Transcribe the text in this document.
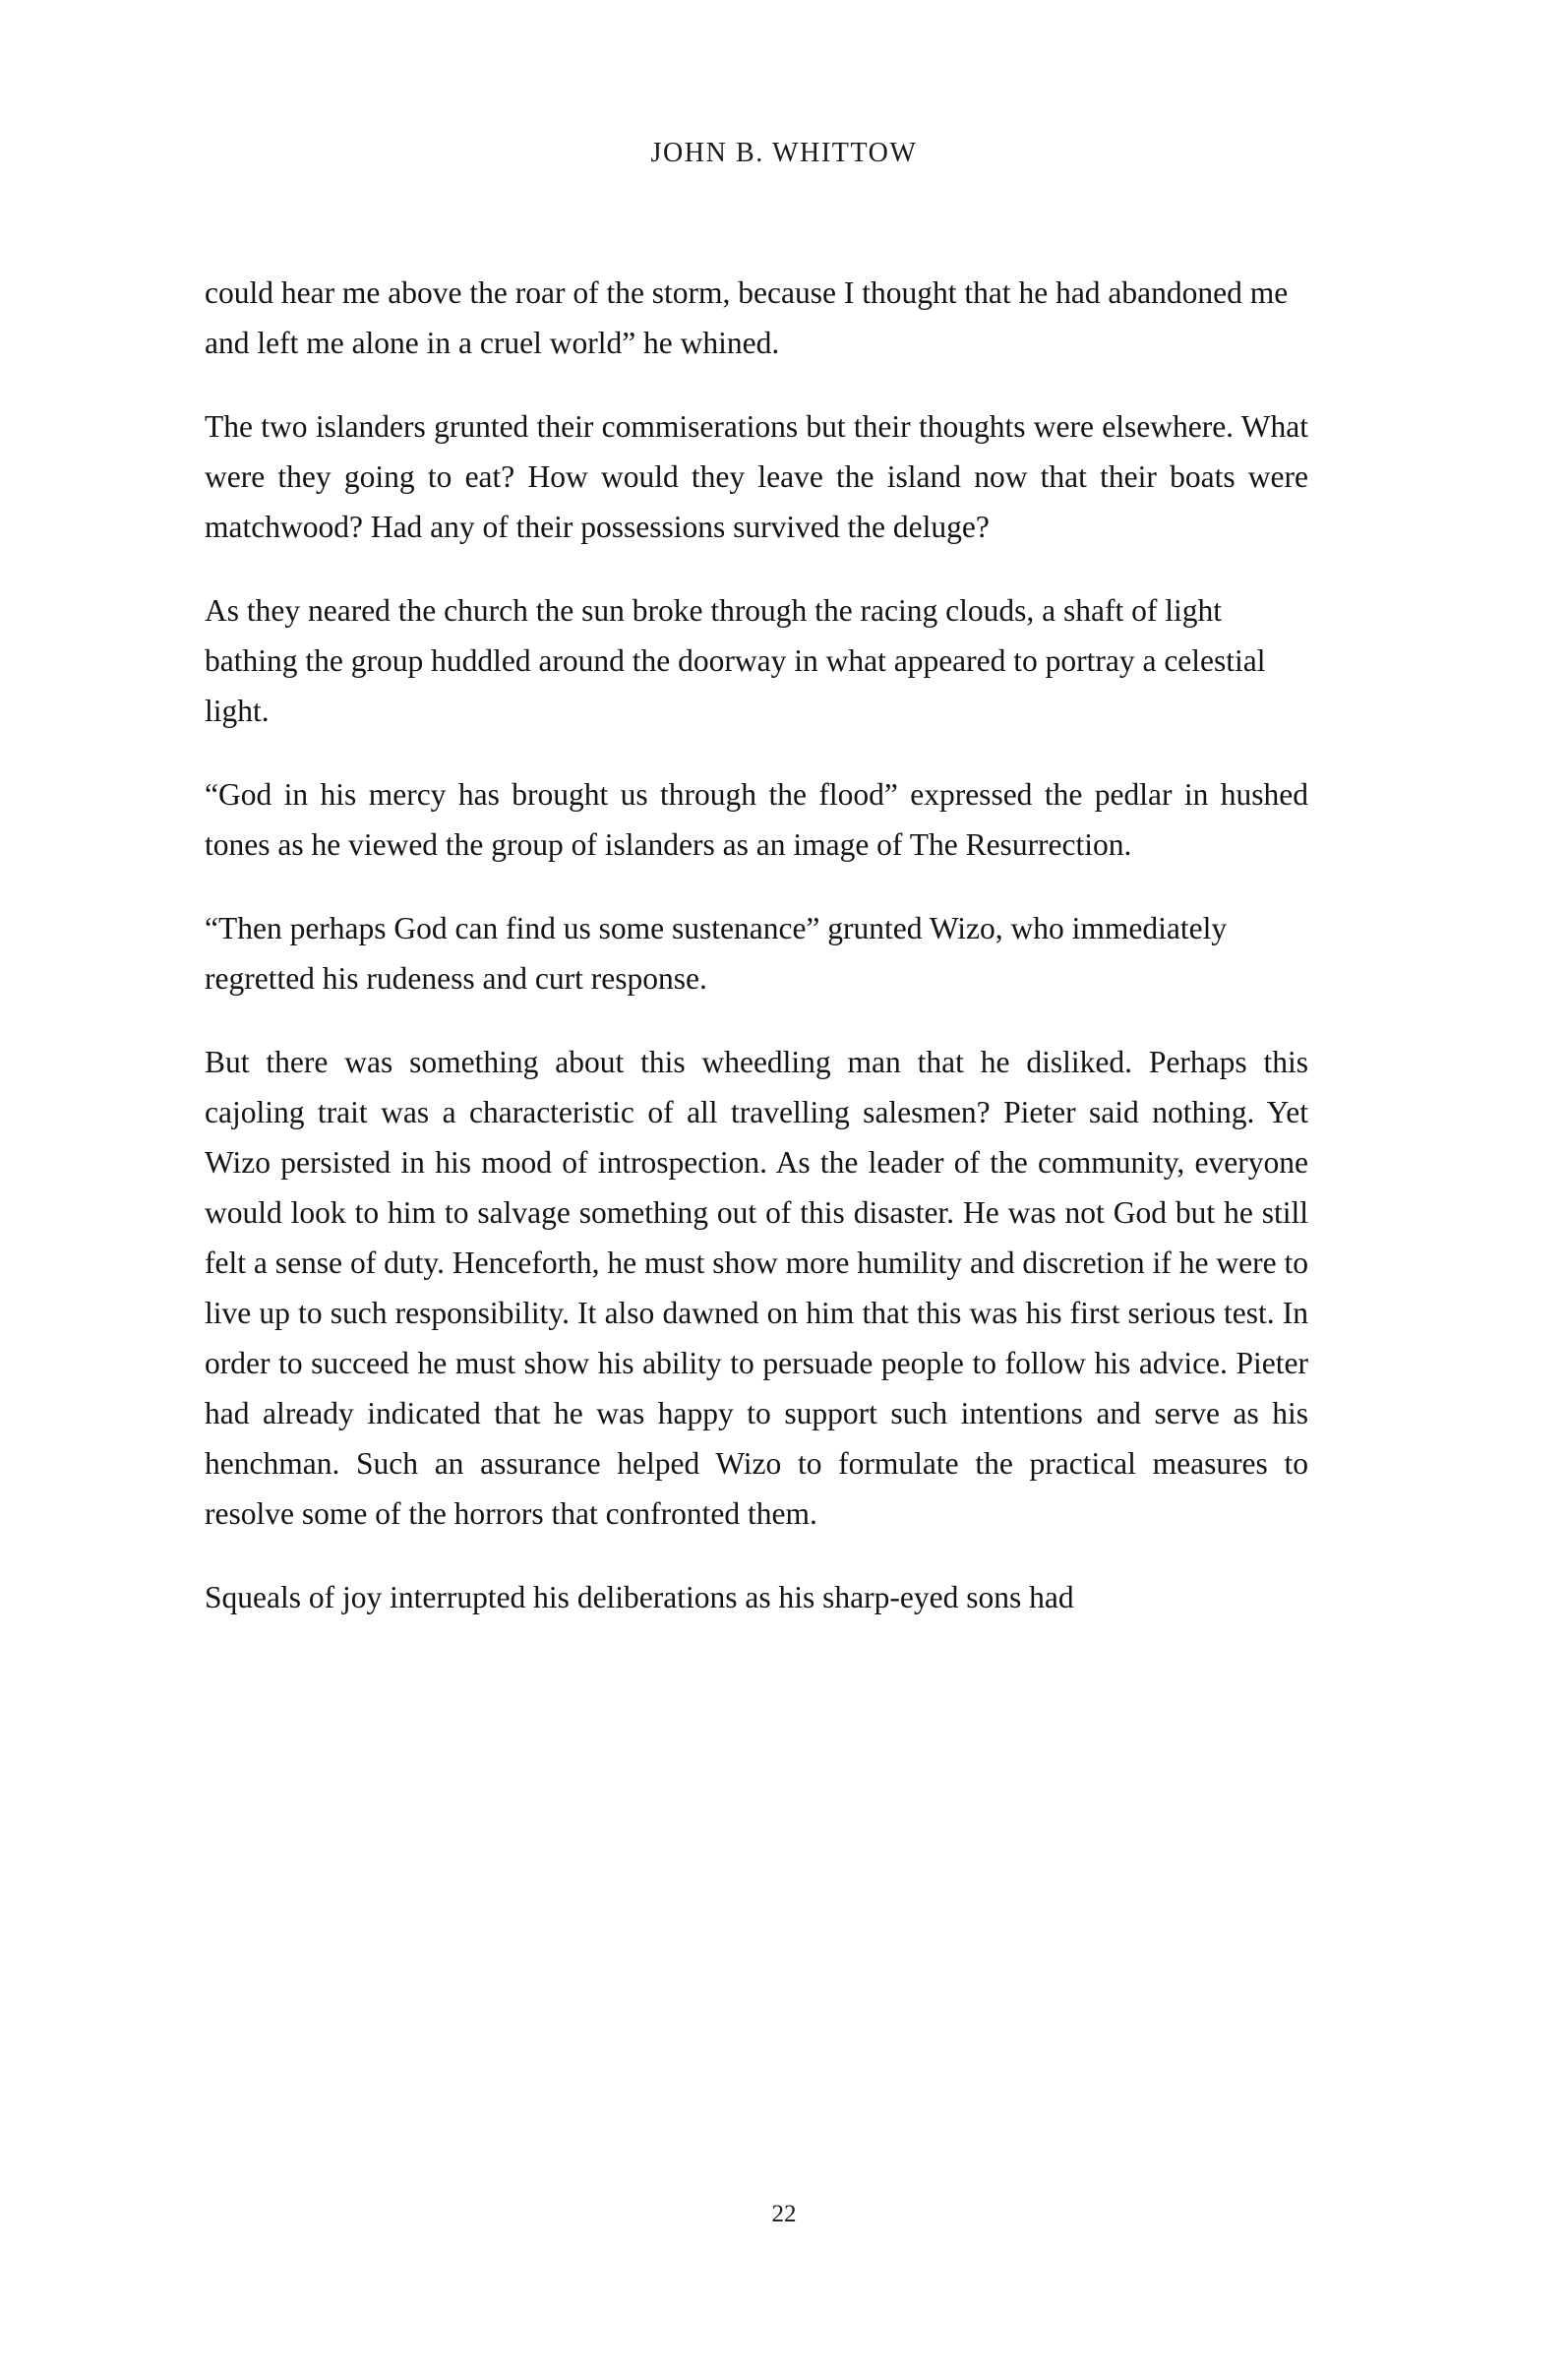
JOHN B. WHITTOW

could hear me above the roar of the storm, because I thought that he had abandoned me and left me alone in a cruel world” he whined.

The two islanders grunted their commiserations but their thoughts were elsewhere. What were they going to eat? How would they leave the island now that their boats were matchwood? Had any of their possessions survived the deluge?

As they neared the church the sun broke through the racing clouds, a shaft of light bathing the group huddled around the doorway in what appeared to portray a celestial light.

“God in his mercy has brought us through the flood” expressed the pedlar in hushed tones as he viewed the group of islanders as an image of The Resurrection.

“Then perhaps God can find us some sustenance” grunted Wizo, who immediately regretted his rudeness and curt response.

But there was something about this wheedling man that he disliked. Perhaps this cajoling trait was a characteristic of all travelling salesmen? Pieter said nothing. Yet Wizo persisted in his mood of introspection. As the leader of the community, everyone would look to him to salvage something out of this disaster. He was not God but he still felt a sense of duty. Henceforth, he must show more humility and discretion if he were to live up to such responsibility. It also dawned on him that this was his first serious test. In order to succeed he must show his ability to persuade people to follow his advice. Pieter had already indicated that he was happy to support such intentions and serve as his henchman. Such an assurance helped Wizo to formulate the practical measures to resolve some of the horrors that confronted them.

Squeals of joy interrupted his deliberations as his sharp-eyed sons had

22
